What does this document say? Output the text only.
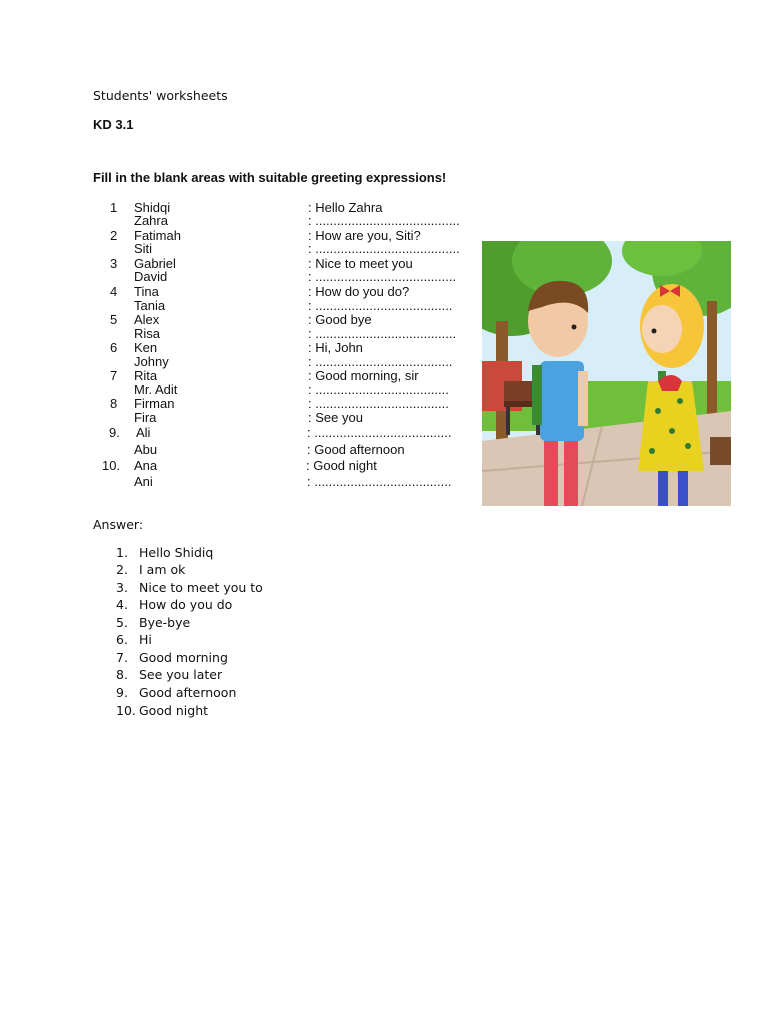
Students' worksheets
KD 3.1
Fill in the blank areas with suitable greeting expressions!
1 Shidqi	: Hello Zahra
Zahra	: ........................................
2 Fatimah	: How are you, Siti?
Siti	: ........................................
3 Gabriel	: Nice to meet you
David	: .......................................
4 Tina	: How do you do?
Tania	: ......................................
5 Alex	: Good bye
Risa	: .......................................
6 Ken	: Hi, John
Johny	: ......................................
7 Rita	: Good morning, sir
Mr. Adit	: .....................................
8 Firman	: .....................................
Fira	: See you
9. Ali	: ......................................
Abu	: Good afternoon
10. Ana	: Good night
Ani	: ......................................
Answer:
1. Hello Shidiq
2. I am ok
3. Nice to meet you to
4. How do you do
5. Bye-bye
6. Hi
7. Good morning
8. See you later
9. Good afternoon
10. Good night
